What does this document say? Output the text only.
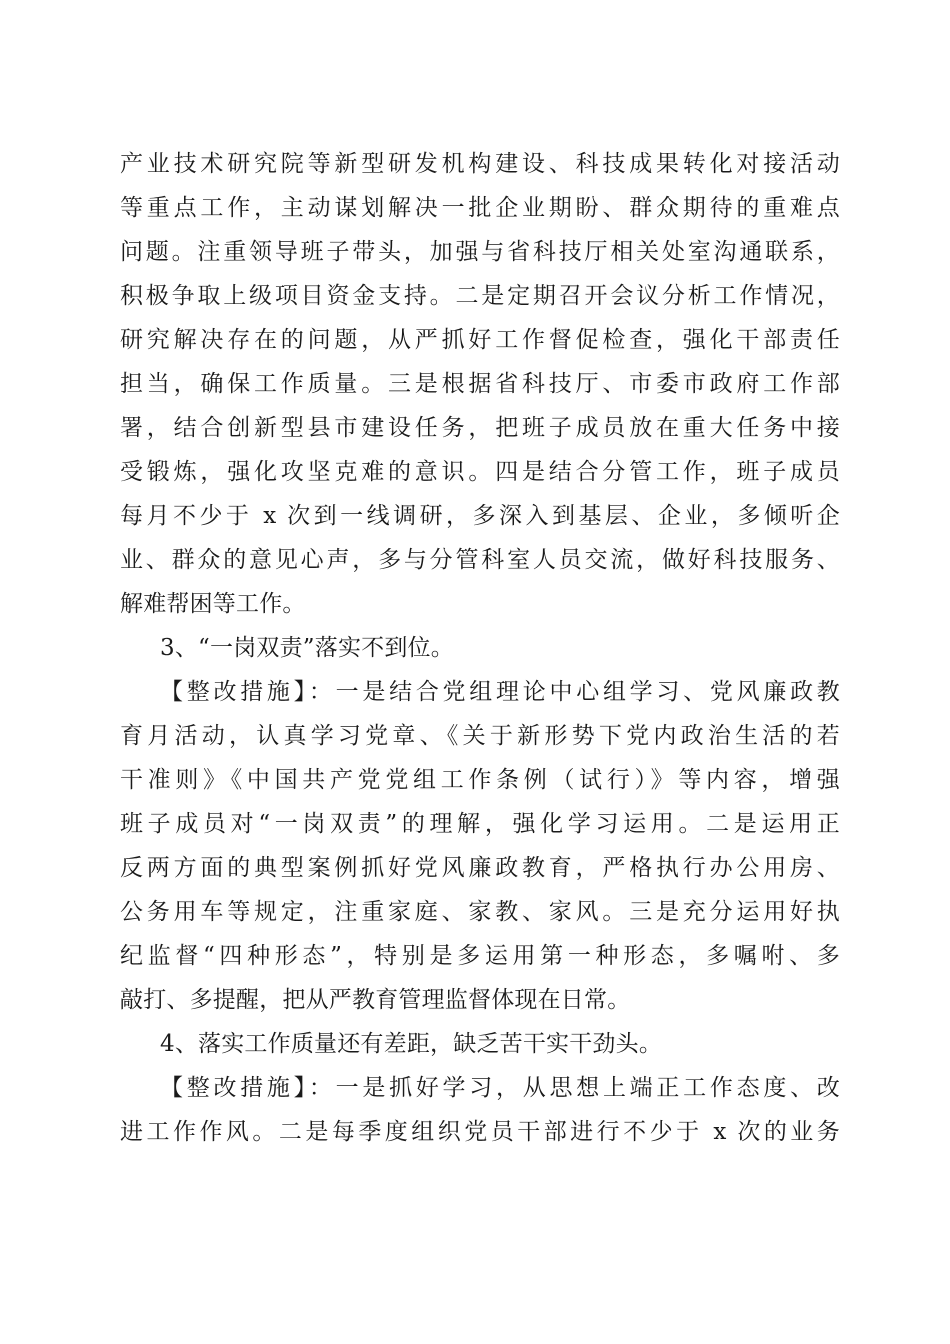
产业技术研究院等新型研发机构建设、科技成果转化对接活动
等重点工作，主动谋划解决一批企业期盼、群众期待的重难点
问题。注重领导班子带头，加强与省科技厅相关处室沟通联系，
积极争取上级项目资金支持。二是定期召开会议分析工作情况，
研究解决存在的问题，从严抓好工作督促检查，强化干部责任
担当，确保工作质量。三是根据省科技厅、市委市政府工作部
署，结合创新型县市建设任务，把班子成员放在重大任务中接
受锻炼，强化攻坚克难的意识。四是结合分管工作，班子成员
每月不少于 x 次到一线调研，多深入到基层、企业，多倾听企
业、群众的意见心声，多与分管科室人员交流，做好科技服务、
解难帮困等工作。
3、“一岗双责”落实不到位。
【整改措施】：一是结合党组理论中心组学习、党风廉政教
育月活动，认真学习党章、《关于新形势下党内政治生活的若
干准则》《中国共产党党组工作条例（试行）》等内容，增强
班子成员对“一岗双责”的理解，强化学习运用。二是运用正
反两方面的典型案例抓好党风廉政教育，严格执行办公用房、
公务用车等规定，注重家庭、家教、家风。三是充分运用好执
纪监督“四种形态”，特别是多运用第一种形态，多嘱咐、多
敲打、多提醒，把从严教育管理监督体现在日常。
4、落实工作质量还有差距，缺乏苦干实干劲头。
【整改措施】：一是抓好学习，从思想上端正工作态度、改
进工作作风。二是每季度组织党员干部进行不少于 x 次的业务
